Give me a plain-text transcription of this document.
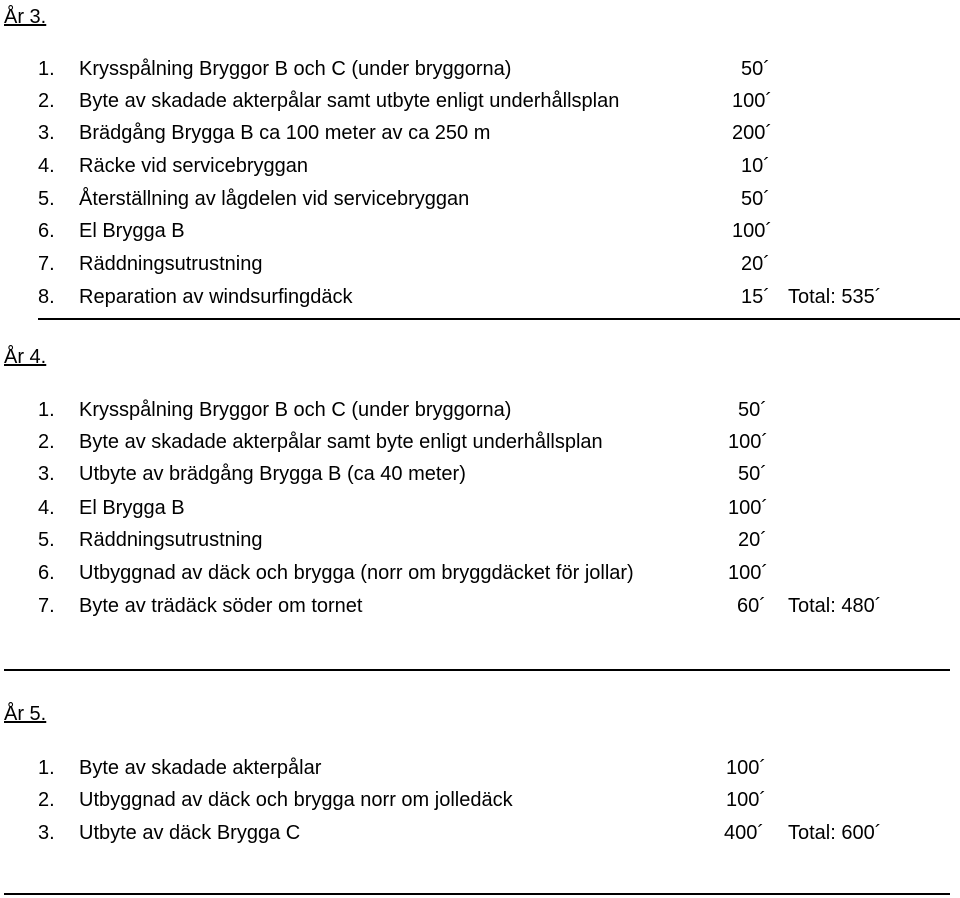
År 3.
1. Krysspålning Bryggor B och C (under bryggorna)	50´
2. Byte av skadade akterpålar samt utbyte enligt underhållsplan	100´
3. Brädgång Brygga B ca 100 meter av ca 250 m	200´
4. Räcke vid servicebryggan	10´
5. Återställning av lågdelen vid servicebryggan	50´
6. El Brygga B	100´
7. Räddningsutrustning	20´
8. Reparation av windsurfingdäck	15´ Total: 535´
År 4.
1. Krysspålning Bryggor B och C (under bryggorna)	50´
2. Byte av skadade akterpålar samt byte enligt underhållsplan	100´
3. Utbyte av brädgång Brygga B (ca 40 meter)	50´
4. El Brygga B	100´
5. Räddningsutrustning	20´
6. Utbyggnad av däck och brygga (norr om bryggdäcket för jollar)	100´
7. Byte av trädäck söder om tornet	60´ Total: 480´
År 5.
1. Byte av skadade akterpålar	100´
2. Utbyggnad av däck och brygga norr om jolledäck	100´
3. Utbyte av däck Brygga C	400´ Total: 600´
